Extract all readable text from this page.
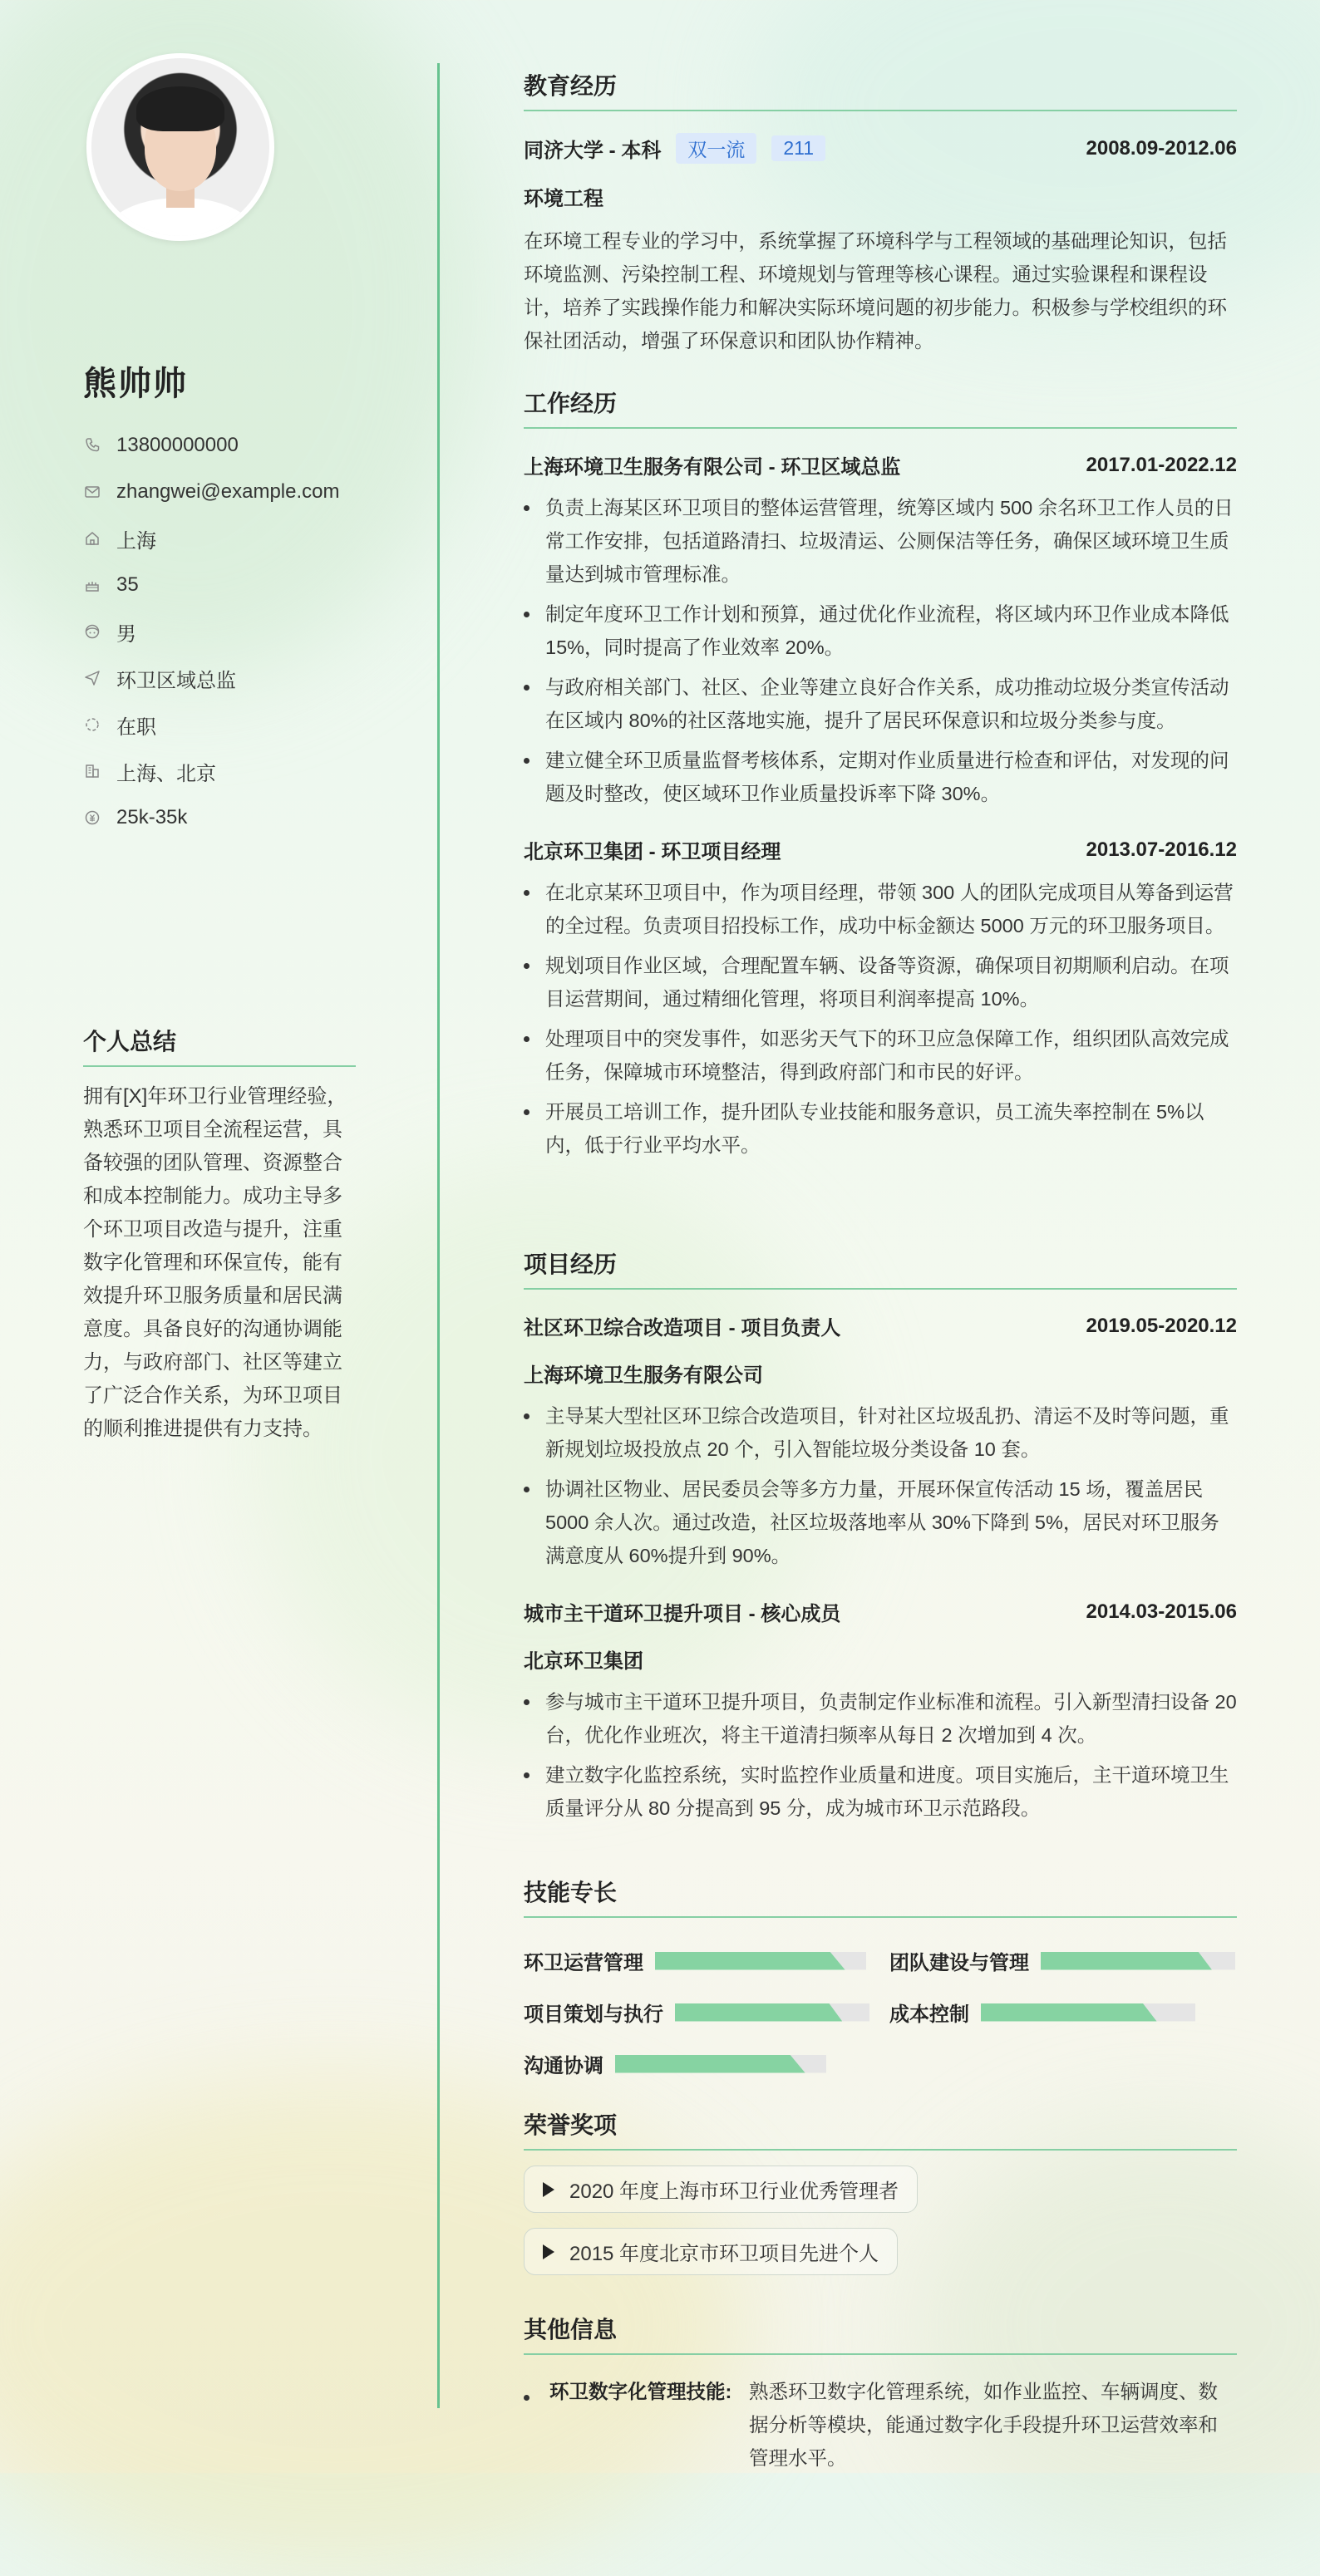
熊帅帅
13800000000
zhangwei@example.com
上海
35
男
环卫区域总监
在职
上海、北京
25k-35k
个人总结
拥有[X]年环卫行业管理经验，熟悉环卫项目全流程运营，具备较强的团队管理、资源整合和成本控制能力。成功主导多个环卫项目改造与提升，注重数字化管理和环保宣传，能有效提升环卫服务质量和居民满意度。具备良好的沟通协调能力，与政府部门、社区等建立了广泛合作关系，为环卫项目的顺利推进提供有力支持。
教育经历
同济大学 - 本科	双一流	211	2008.09-2012.06
环境工程
在环境工程专业的学习中，系统掌握了环境科学与工程领域的基础理论知识，包括环境监测、污染控制工程、环境规划与管理等核心课程。通过实验课程和课程设计，培养了实践操作能力和解决实际环境问题的初步能力。积极参与学校组织的环保社团活动，增强了环保意识和团队协作精神。
工作经历
上海环境卫生服务有限公司 - 环卫区域总监	2017.01-2022.12
负责上海某区环卫项目的整体运营管理，统筹区域内 500 余名环卫工作人员的日常工作安排，包括道路清扫、垃圾清运、公厕保洁等任务，确保区域环境卫生质量达到城市管理标准。
制定年度环卫工作计划和预算，通过优化作业流程，将区域内环卫作业成本降低 15%，同时提高了作业效率 20%。
与政府相关部门、社区、企业等建立良好合作关系，成功推动垃圾分类宣传活动在区域内 80%的社区落地实施，提升了居民环保意识和垃圾分类参与度。
建立健全环卫质量监督考核体系，定期对作业质量进行检查和评估，对发现的问题及时整改，使区域环卫作业质量投诉率下降 30%。
北京环卫集团 - 环卫项目经理	2013.07-2016.12
在北京某环卫项目中，作为项目经理，带领 300 人的团队完成项目从筹备到运营的全过程。负责项目招投标工作，成功中标金额达 5000 万元的环卫服务项目。
规划项目作业区域，合理配置车辆、设备等资源，确保项目初期顺利启动。在项目运营期间，通过精细化管理，将项目利润率提高 10%。
处理项目中的突发事件，如恶劣天气下的环卫应急保障工作，组织团队高效完成任务，保障城市环境整洁，得到政府部门和市民的好评。
开展员工培训工作，提升团队专业技能和服务意识，员工流失率控制在 5%以内，低于行业平均水平。
项目经历
社区环卫综合改造项目 - 项目负责人	2019.05-2020.12
上海环境卫生服务有限公司
主导某大型社区环卫综合改造项目，针对社区垃圾乱扔、清运不及时等问题，重新规划垃圾投放点 20 个，引入智能垃圾分类设备 10 套。
协调社区物业、居民委员会等多方力量，开展环保宣传活动 15 场，覆盖居民 5000 余人次。通过改造，社区垃圾落地率从 30%下降到 5%，居民对环卫服务满意度从 60%提升到 90%。
城市主干道环卫提升项目 - 核心成员	2014.03-2015.06
北京环卫集团
参与城市主干道环卫提升项目，负责制定作业标准和流程。引入新型清扫设备 20 台，优化作业班次，将主干道清扫频率从每日 2 次增加到 4 次。
建立数字化监控系统，实时监控作业质量和进度。项目实施后，主干道环境卫生质量评分从 80 分提高到 95 分，成为城市环卫示范路段。
技能专长
环卫运营管理	团队建设与管理
项目策划与执行	成本控制
沟通协调
荣誉奖项
2020 年度上海市环卫行业优秀管理者
2015 年度北京市环卫项目先进个人
其他信息
环卫数字化管理技能: 熟悉环卫数字化管理系统，如作业监控、车辆调度、数据分析等模块，能通过数字化手段提升环卫运营效率和管理水平。
